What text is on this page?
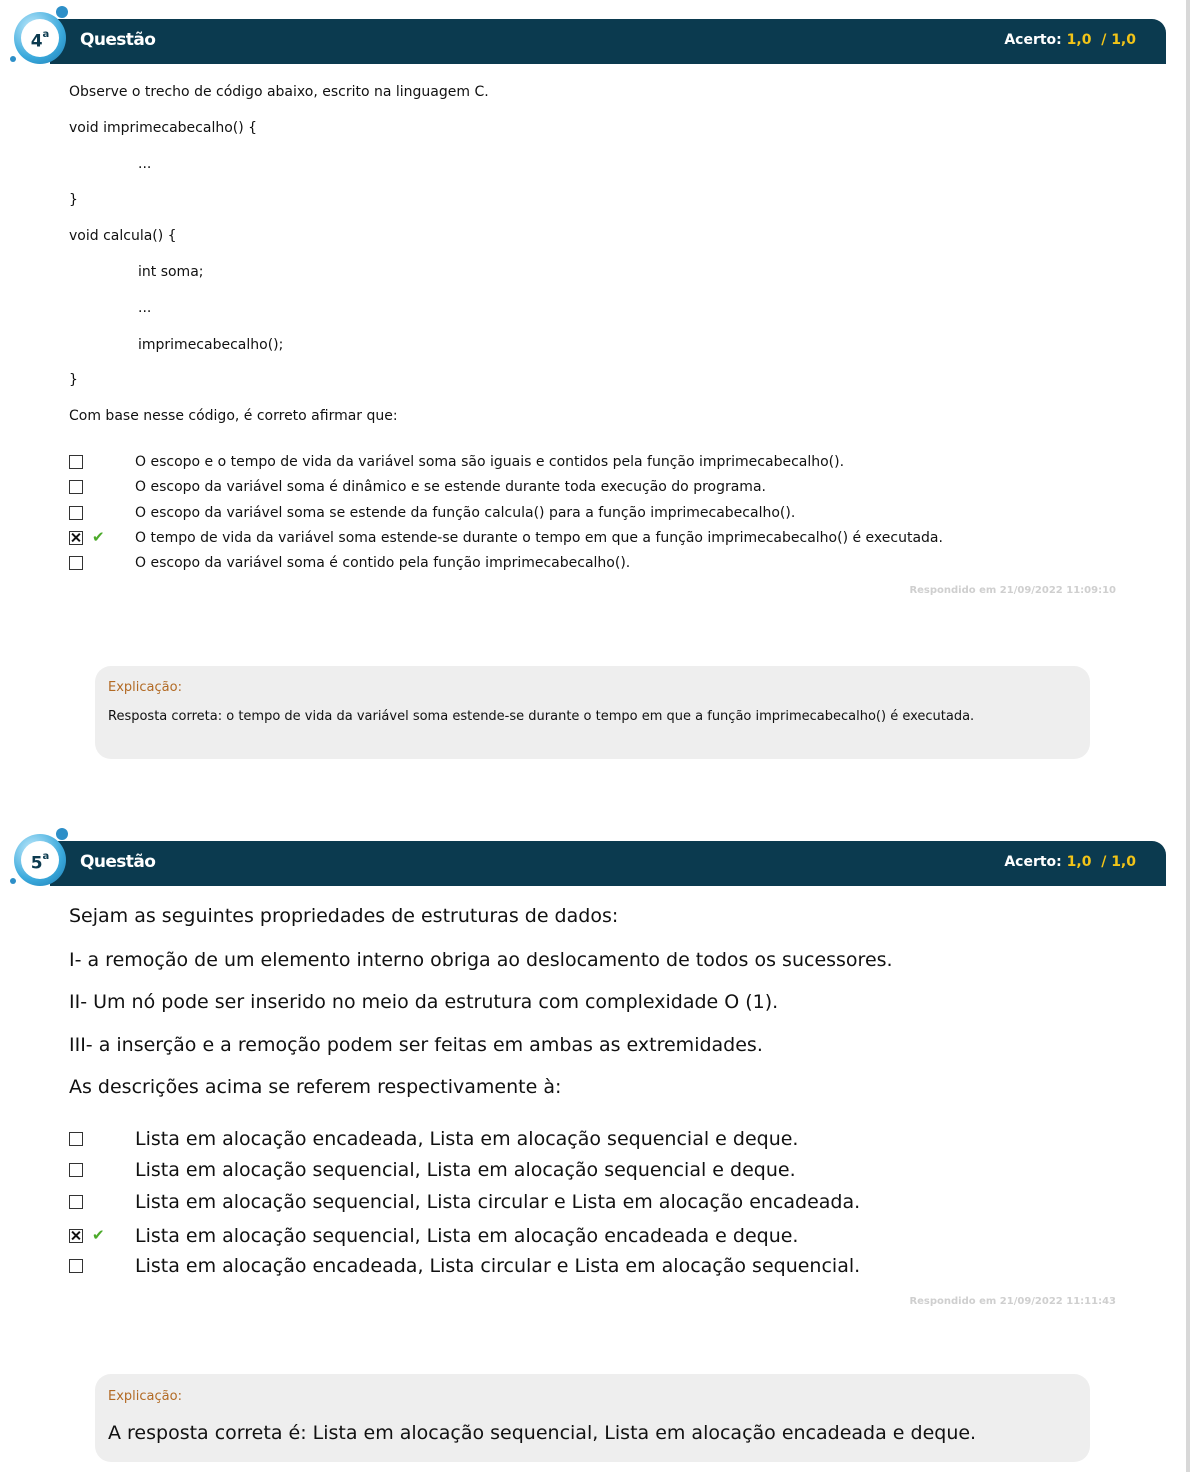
Questão	Acerto: 1,0  / 1,0
4$^a$
Observe o trecho de código abaixo, escrito na linguagem C.
void imprimecabecalho() {
...
}
void calcula() {
int soma;
...
imprimecabecalho();
}
Com base nesse código, é correto afirmar que:
O escopo e o tempo de vida da variável soma são iguais e contidos pela função imprimecabecalho().
O escopo da variável soma é dinâmico e se estende durante toda execução do programa.
O escopo da variável soma se estende da função calcula() para a função imprimecabecalho().
✔ O tempo de vida da variável soma estende-se durante o tempo em que a função imprimecabecalho() é executada.
O escopo da variável soma é contido pela função imprimecabecalho().
Respondido em 21/09/2022 11:09:10
Explicação:
Resposta correta: o tempo de vida da variável soma estende-se durante o tempo em que a função imprimecabecalho() é executada.
Questão	Acerto: 1,0  / 1,0
5$^a$
Sejam as seguintes propriedades de estruturas de dados:
I- a remoção de um elemento interno obriga ao deslocamento de todos os sucessores.
II- Um nó pode ser inserido no meio da estrutura com complexidade O (1).
III- a inserção e a remoção podem ser feitas em ambas as extremidades.
As descrições acima se referem respectivamente à:
Lista em alocação encadeada, Lista em alocação sequencial e deque.
Lista em alocação sequencial, Lista em alocação sequencial e deque.
Lista em alocação sequencial, Lista circular e Lista em alocação encadeada.
✔ Lista em alocação sequencial, Lista em alocação encadeada e deque.
Lista em alocação encadeada, Lista circular e Lista em alocação sequencial.
Respondido em 21/09/2022 11:11:43
Explicação:
A resposta correta é: Lista em alocação sequencial, Lista em alocação encadeada e deque.
